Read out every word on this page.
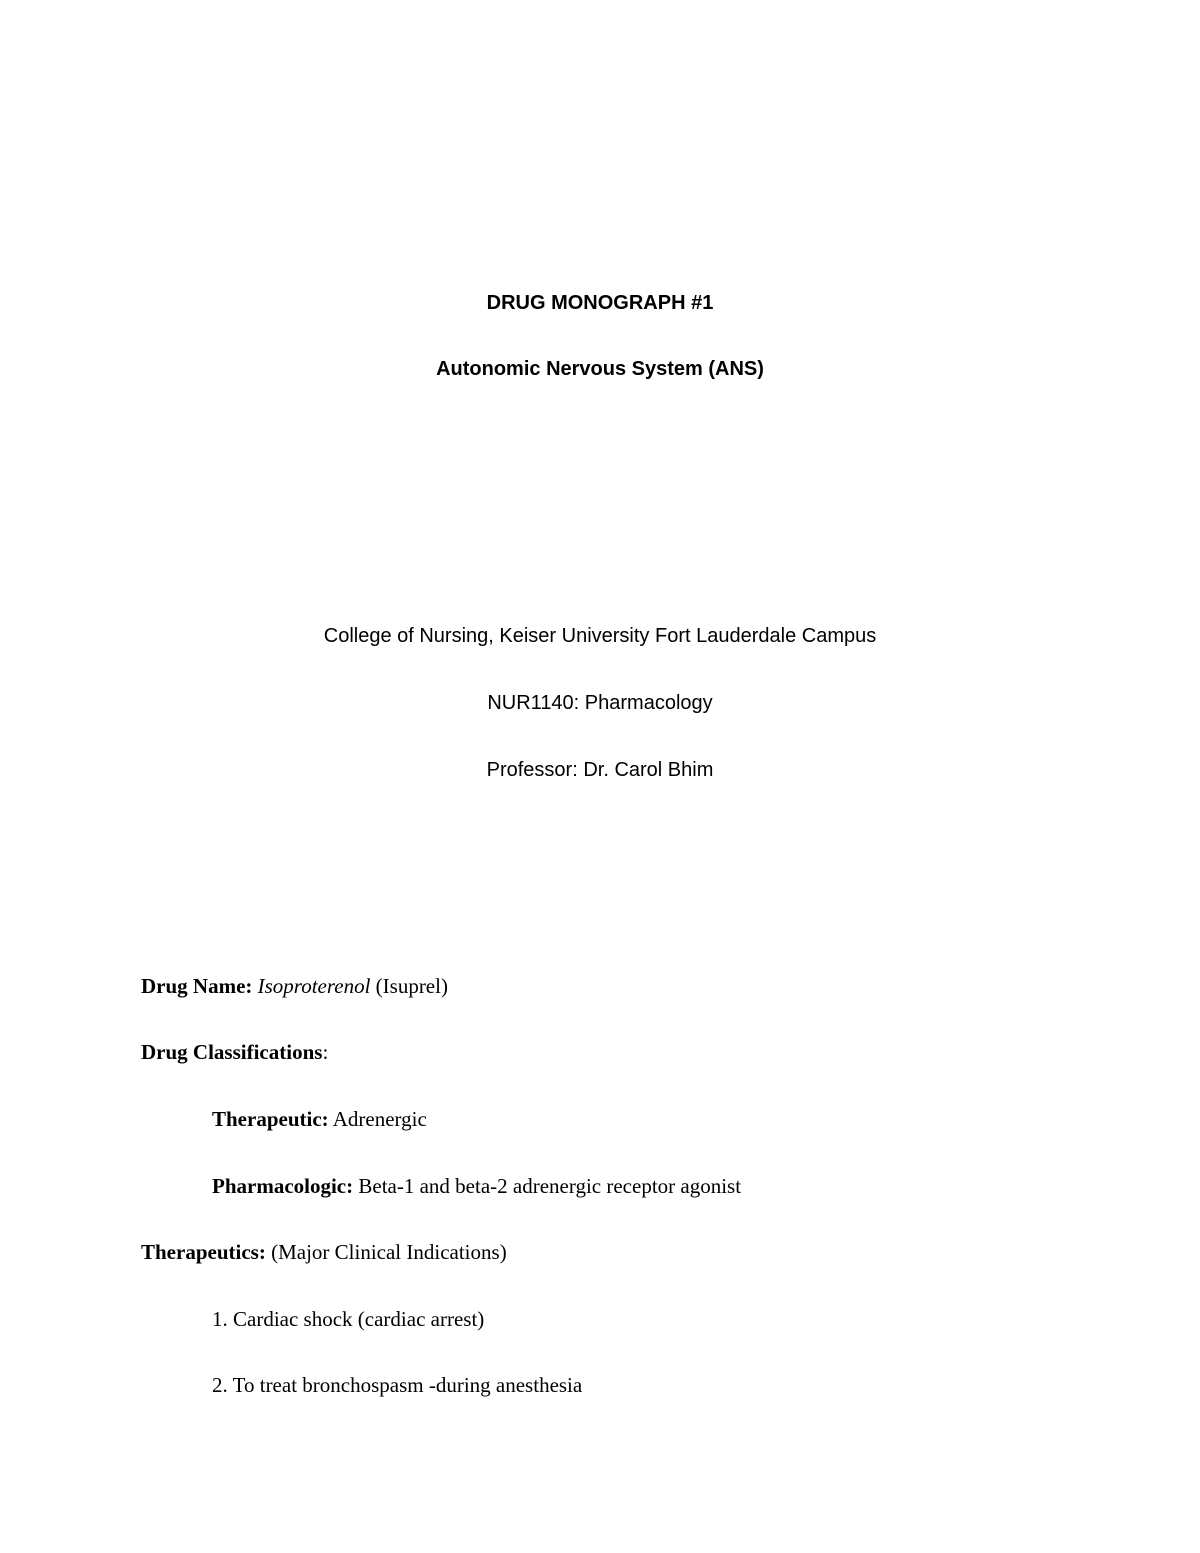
DRUG MONOGRAPH #1
Autonomic Nervous System (ANS)
College of Nursing, Keiser University Fort Lauderdale Campus
NUR1140: Pharmacology
Professor: Dr. Carol Bhim
Drug Name: Isoproterenol (Isuprel)
Drug Classifications:
Therapeutic: Adrenergic
Pharmacologic: Beta-1 and beta-2 adrenergic receptor agonist
Therapeutics: (Major Clinical Indications)
1. Cardiac shock (cardiac arrest)
2. To treat bronchospasm -during anesthesia
